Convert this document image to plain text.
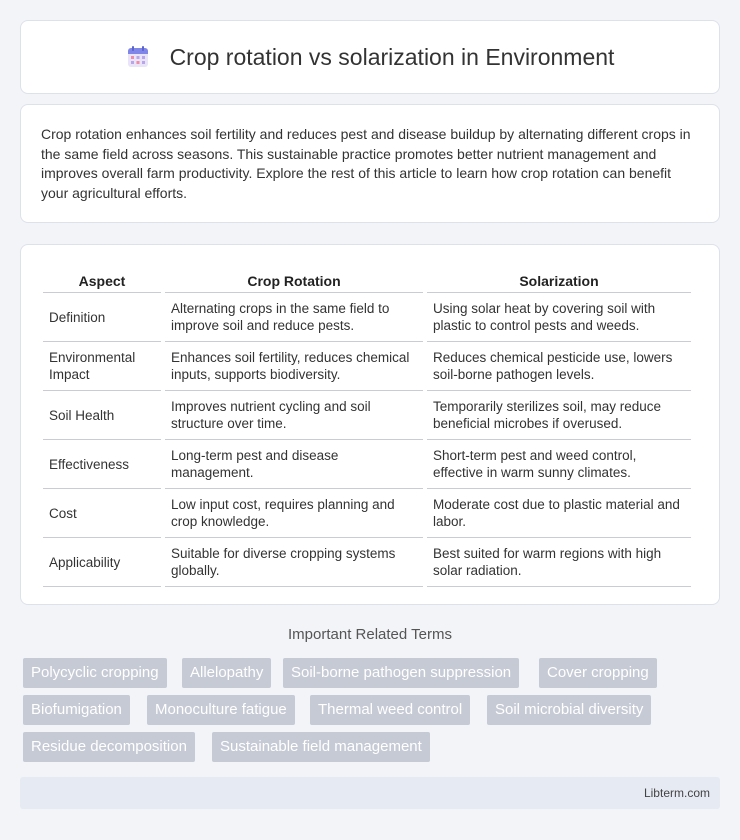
Crop rotation vs solarization in Environment

Crop rotation enhances soil fertility and reduces pest and disease buildup by alternating different crops in the same field across seasons. This sustainable practice promotes better nutrient management and improves overall farm productivity. Explore the rest of this article to learn how crop rotation can benefit your agricultural efforts.

Aspect	Crop Rotation	Solarization
Definition	Alternating crops in the same field to improve soil and reduce pests.	Using solar heat by covering soil with plastic to control pests and weeds.
Environmental Impact	Enhances soil fertility, reduces chemical inputs, supports biodiversity.	Reduces chemical pesticide use, lowers soil-borne pathogen levels.
Soil Health	Improves nutrient cycling and soil structure over time.	Temporarily sterilizes soil, may reduce beneficial microbes if overused.
Effectiveness	Long-term pest and disease management.	Short-term pest and weed control, effective in warm sunny climates.
Cost	Low input cost, requires planning and crop knowledge.	Moderate cost due to plastic material and labor.
Applicability	Suitable for diverse cropping systems globally.	Best suited for warm regions with high solar radiation.
Important Related Terms
Polycyclic cropping	Allelopathy	Soil-borne pathogen suppression	Cover cropping
Biofumigation	Monoculture fatigue	Thermal weed control	Soil microbial diversity
Residue decomposition	Sustainable field management
Libterm.com
